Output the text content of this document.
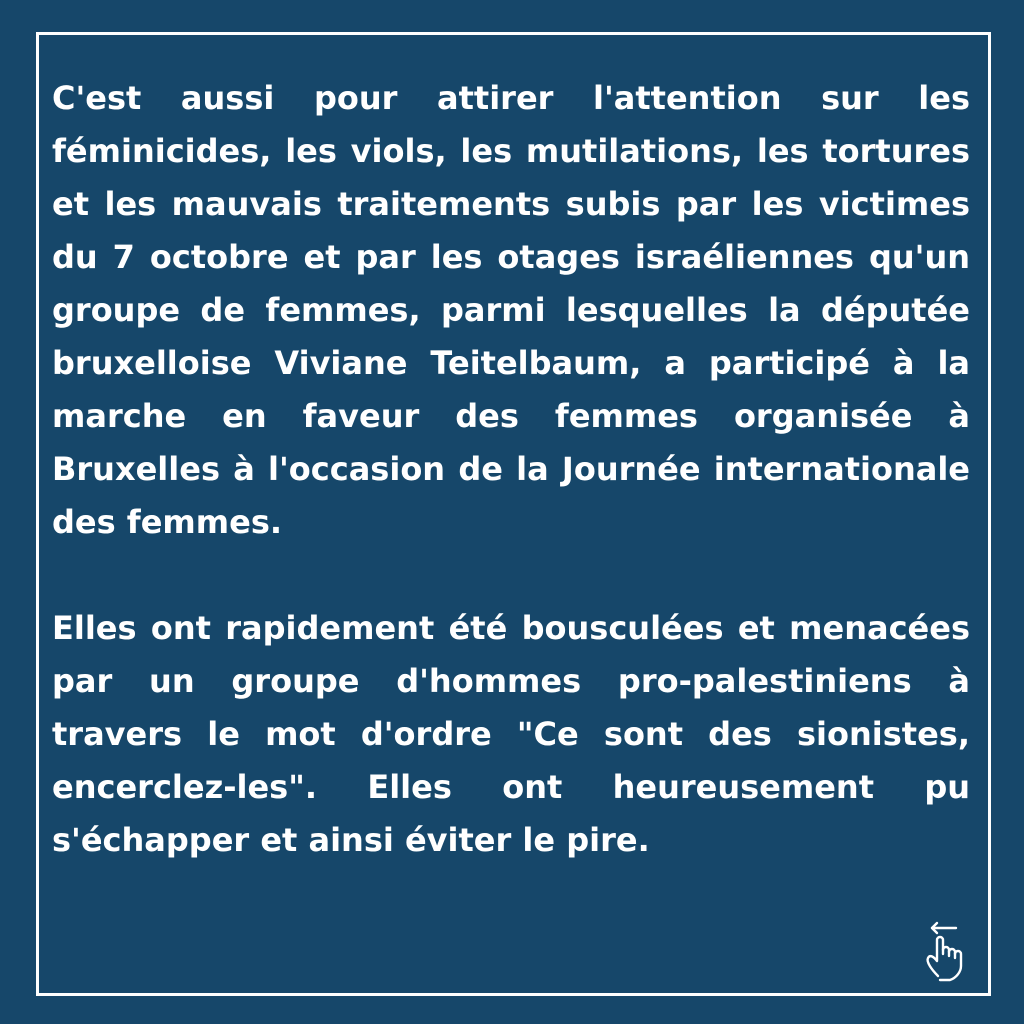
C'est aussi pour attirer l'attention sur les féminicides, les viols, les mutilations, les tortures et les mauvais traitements subis par les victimes du 7 octobre et par les otages israéliennes qu'un groupe de femmes, parmi lesquelles la députée bruxelloise Viviane Teitelbaum, a participé à la marche en faveur des femmes organisée à Bruxelles à l'occasion de la Journée internationale des femmes.

Elles ont rapidement été bousculées et menacées par un groupe d'hommes pro-palestiniens à travers le mot d'ordre "Ce sont des sionistes, encerclez-les". Elles ont heureusement pu s'échapper et ainsi éviter le pire.
